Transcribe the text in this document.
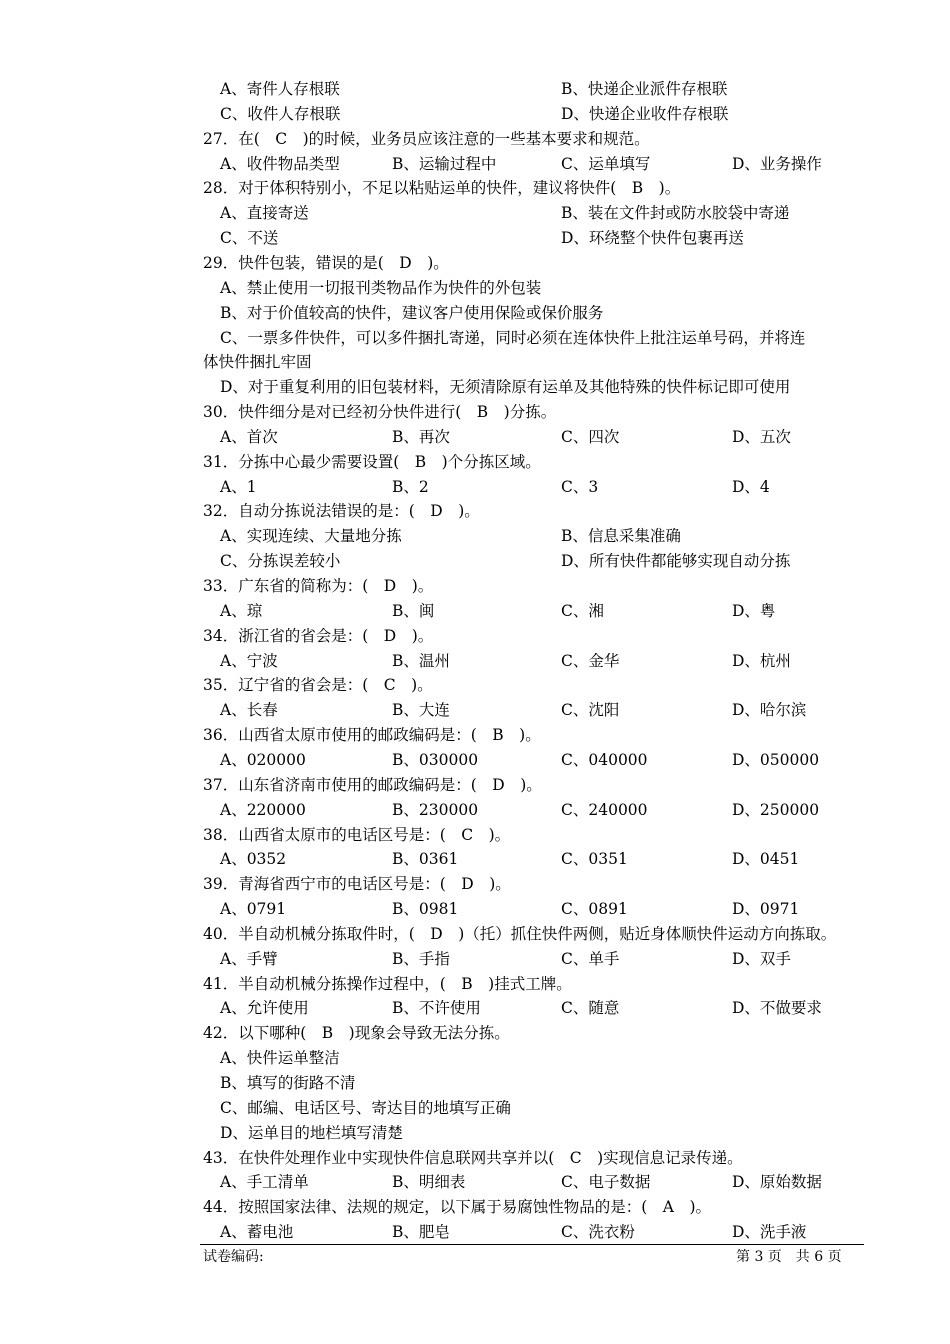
A、寄件人存根联	B、快递企业派件存根联
C、收件人存根联	D、快递企业收件存根联
27．在(　C　)的时候，业务员应该注意的一些基本要求和规范。
A、收件物品类型	B、运输过程中	C、运单填写	D、业务操作
28．对于体积特别小，不足以粘贴运单的快件，建议将快件(　B　)。
A、直接寄送	B、装在文件封或防水胶袋中寄递
C、不送	D、环绕整个快件包裹再送
29．快件包装，错误的是(　D　)。
A、禁止使用一切报刊类物品作为快件的外包装
B、对于价值较高的快件，建议客户使用保险或保价服务
C、一票多件快件，可以多件捆扎寄递，同时必须在连体快件上批注运单号码，并将连
体快件捆扎牢固
D、对于重复利用的旧包装材料，无须清除原有运单及其他特殊的快件标记即可使用
30．快件细分是对已经初分快件进行(　B　)分拣。
A、首次	B、再次	C、四次	D、五次
31．分拣中心最少需要设置(　B　)个分拣区域。
A、1	B、2	C、3	D、4
32．自动分拣说法错误的是：(　D　)。
A、实现连续、大量地分拣	B、信息采集准确
C、分拣误差较小	D、所有快件都能够实现自动分拣
33．广东省的简称为：(　D　)。
A、琼	B、闽	C、湘	D、粤
34．浙江省的省会是：(　D　)。
A、宁波	B、温州	C、金华	D、杭州
35．辽宁省的省会是：(　C　)。
A、长春	B、大连	C、沈阳	D、哈尔滨
36．山西省太原市使用的邮政编码是：(　B　)。
A、020000	B、030000	C、040000	D、050000
37．山东省济南市使用的邮政编码是：(　D　)。
A、220000	B、230000	C、240000	D、250000
38．山西省太原市的电话区号是：(　C　)。
A、0352	B、0361	C、0351	D、0451
39．青海省西宁市的电话区号是：(　D　)。
A、0791	B、0981	C、0891	D、0971
40．半自动机械分拣取件时，(　D　)（托）抓住快件两侧，贴近身体顺快件运动方向拣取。
A、手臂	B、手指	C、单手	D、双手
41．半自动机械分拣操作过程中，(　B　)挂式工牌。
A、允许使用	B、不许使用	C、随意	D、不做要求
42．以下哪种(　B　)现象会导致无法分拣。
A、快件运单整洁
B、填写的街路不清
C、邮编、电话区号、寄达目的地填写正确
D、运单目的地栏填写清楚
43．在快件处理作业中实现快件信息联网共享并以(　C　)实现信息记录传递。
A、手工清单	B、明细表	C、电子数据	D、原始数据
44．按照国家法律、法规的规定，以下属于易腐蚀性物品的是：(　A　)。
A、蓄电池	B、肥皂	C、洗衣粉	D、洗手液
试卷编码:	第 3 页　共 6 页
